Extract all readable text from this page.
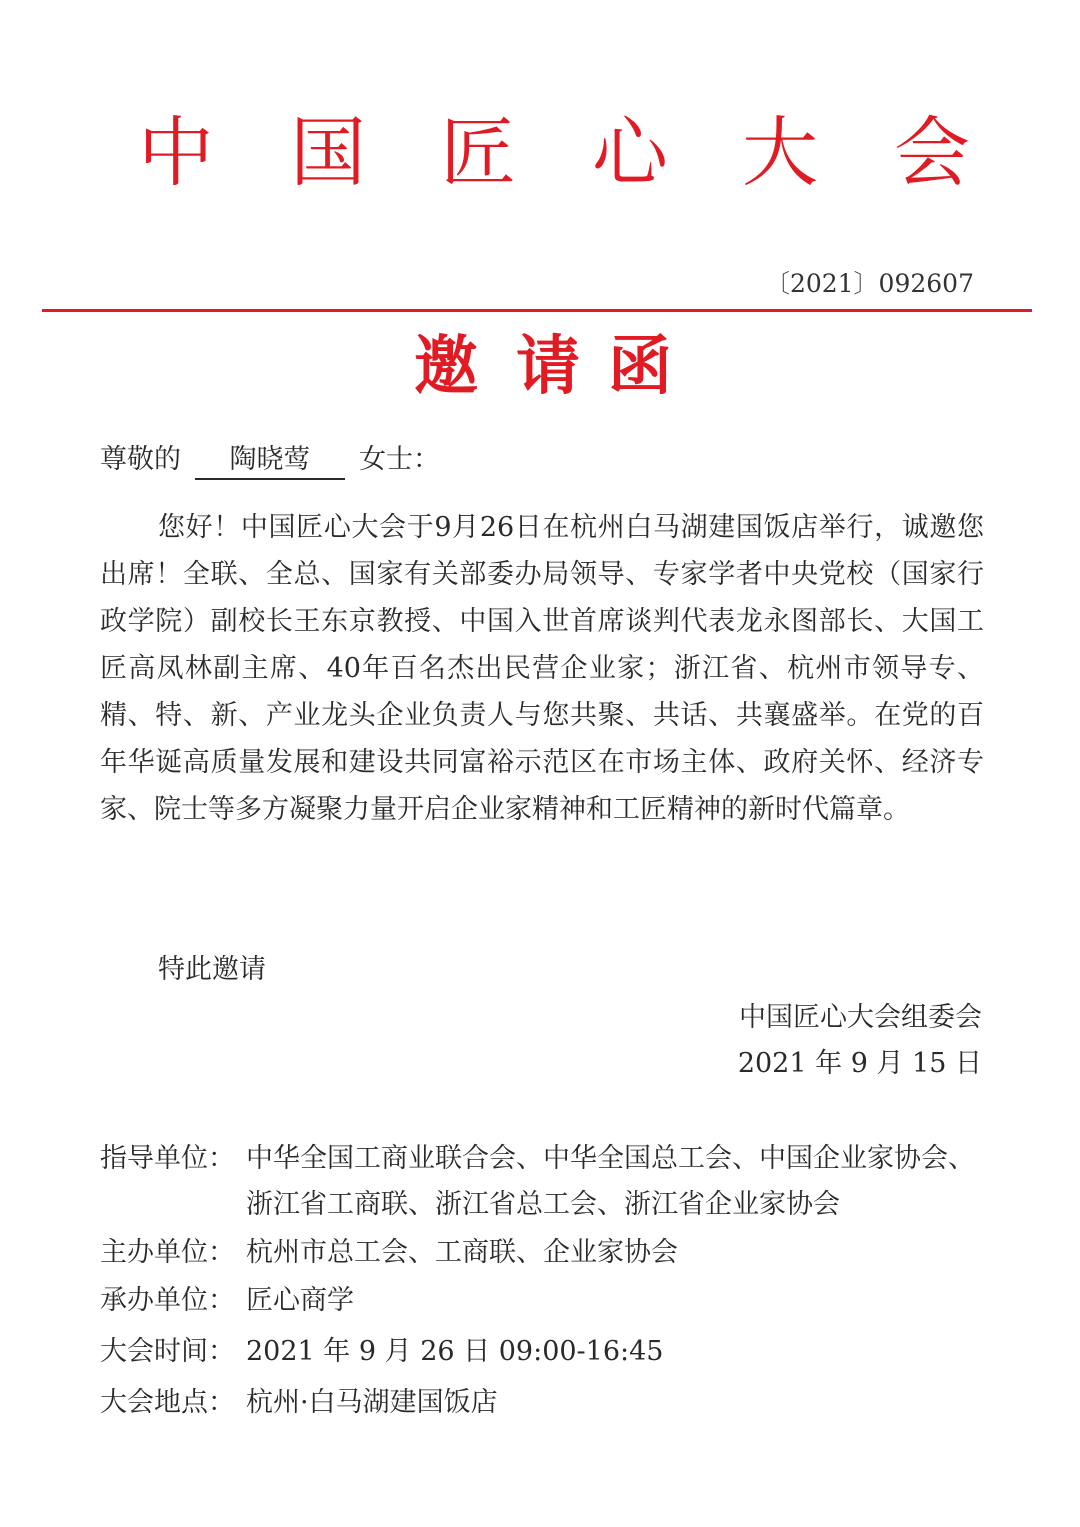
中 国 匠 心 大 会
〔2021〕092607
邀 请 函
尊敬的 陶晓莺 女士：

您好！中国匠心大会于9月26日在杭州白马湖建国饭店举行，诚邀您出席！全联、全总、国家有关部委办局领导、专家学者中央党校（国家行政学院）副校长王东京教授、中国入世首席谈判代表龙永图部长、大国工匠高凤林副主席、40年百名杰出民营企业家；浙江省、杭州市领导专、精、特、新、产业龙头企业负责人与您共聚、共话、共襄盛举。在党的百年华诞高质量发展和建设共同富裕示范区在市场主体、政府关怀、经济专家、院士等多方凝聚力量开启企业家精神和工匠精神的新时代篇章。

特此邀请
中国匠心大会组委会
2021 年 9 月 15 日
指导单位： 中华全国工商业联合会、中华全国总工会、中国企业家协会、浙江省工商联、浙江省总工会、浙江省企业家协会
主办单位： 杭州市总工会、工商联、企业家协会
承办单位： 匠心商学
大会时间： 2021 年 9 月 26 日 09:00-16:45
大会地点： 杭州·白马湖建国饭店
